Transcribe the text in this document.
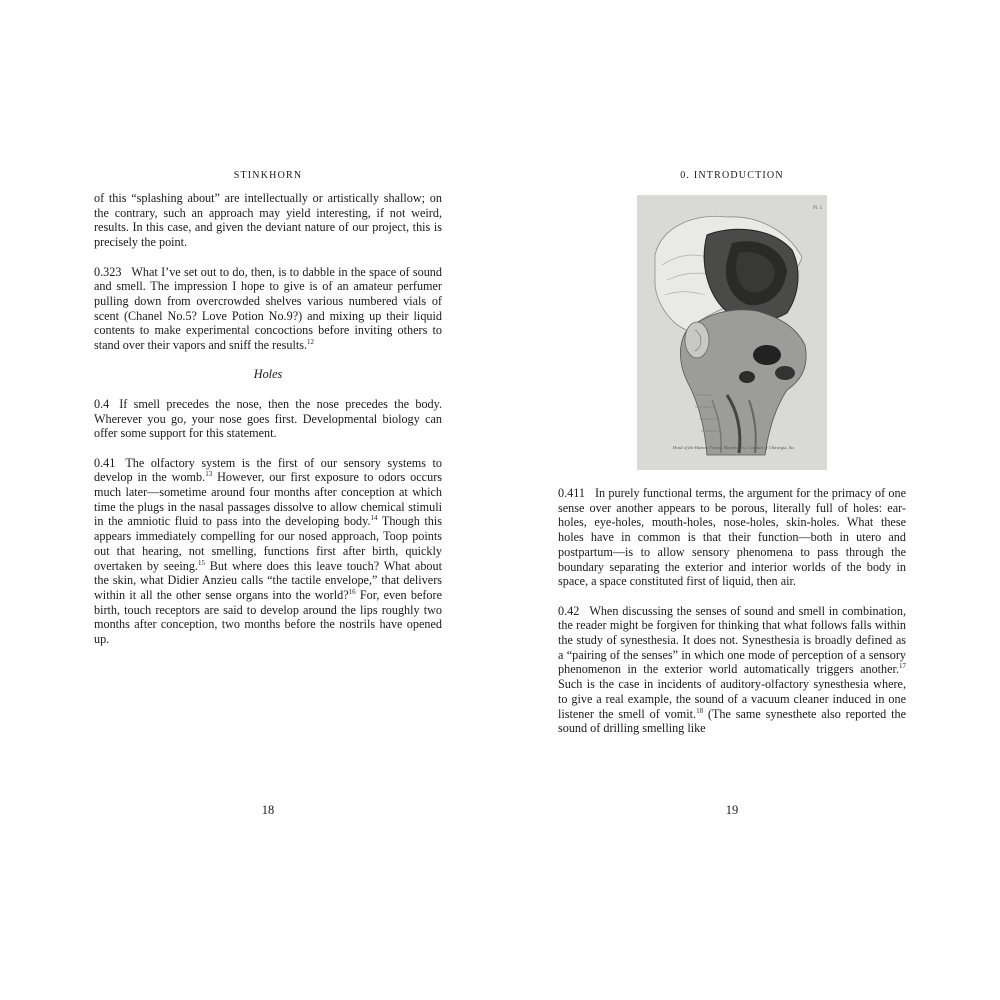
STINKHORN

of this “splashing about” are intellectually or artistically shallow; on the contrary, such an approach may yield interesting, if not weird, results. In this case, and given the deviant nature of our project, this is precisely the point.

0.323 What I’ve set out to do, then, is to dabble in the space of sound and smell. The impression I hope to give is of an amateur perfumer pulling down from overcrowded shelves various numbered vials of scent (Chanel No.5? Love Potion No.9?) and mixing up their liquid contents to make experimental concoctions before inviting others to stand over their vapors and sniff the results.$^{12}$

Holes

0.4 If smell precedes the nose, then the nose precedes the body. Wherever you go, your nose goes first. Developmental biology can offer some support for this statement.

0.41 The olfactory system is the first of our sensory systems to develop in the womb.$^{13}$ However, our first exposure to odors occurs much later—sometime around four months after conception at which time the plugs in the nasal passages dissolve to allow chemical stimuli in the amniotic fluid to pass into the developing body.$^{14}$ Though this appears immediately compelling for our nosed approach, Toop points out that hearing, not smelling, functions first after birth, quickly overtaken by seeing.$^{15}$ But where does this leave touch? What about the skin, what Didier Anzieu calls “the tactile envelope,” that delivers within it all the other sense organs into the world?$^{16}$ For, even before birth, touch receptors are said to develop around the lips roughly two months after conception, two months before the nostrils have opened up.

18
0. INTRODUCTION
Pl. 1
Head of the Human Foetus, Membranes, Conjoint of Chirurgia, &c.

0.411 In purely functional terms, the argument for the primacy of one sense over another appears to be porous, literally full of holes: ear-holes, eye-holes, mouth-holes, nose-holes, skin-holes. What these holes have in common is that their function—both in utero and postpartum—is to allow sensory phenomena to pass through the boundary separating the exterior and interior worlds of the body in space, a space constituted first of liquid, then air.

0.42 When discussing the senses of sound and smell in combination, the reader might be forgiven for thinking that what follows falls within the study of synesthesia. It does not. Synesthesia is broadly defined as a “pairing of the senses” in which one mode of perception of a sensory phenomenon in the exterior world automatically triggers another.$^{17}$ Such is the case in incidents of auditory-olfactory synesthesia where, to give a real example, the sound of a vacuum cleaner induced in one listener the smell of vomit.$^{18}$ (The same synesthete also reported the sound of drilling smelling like

19
